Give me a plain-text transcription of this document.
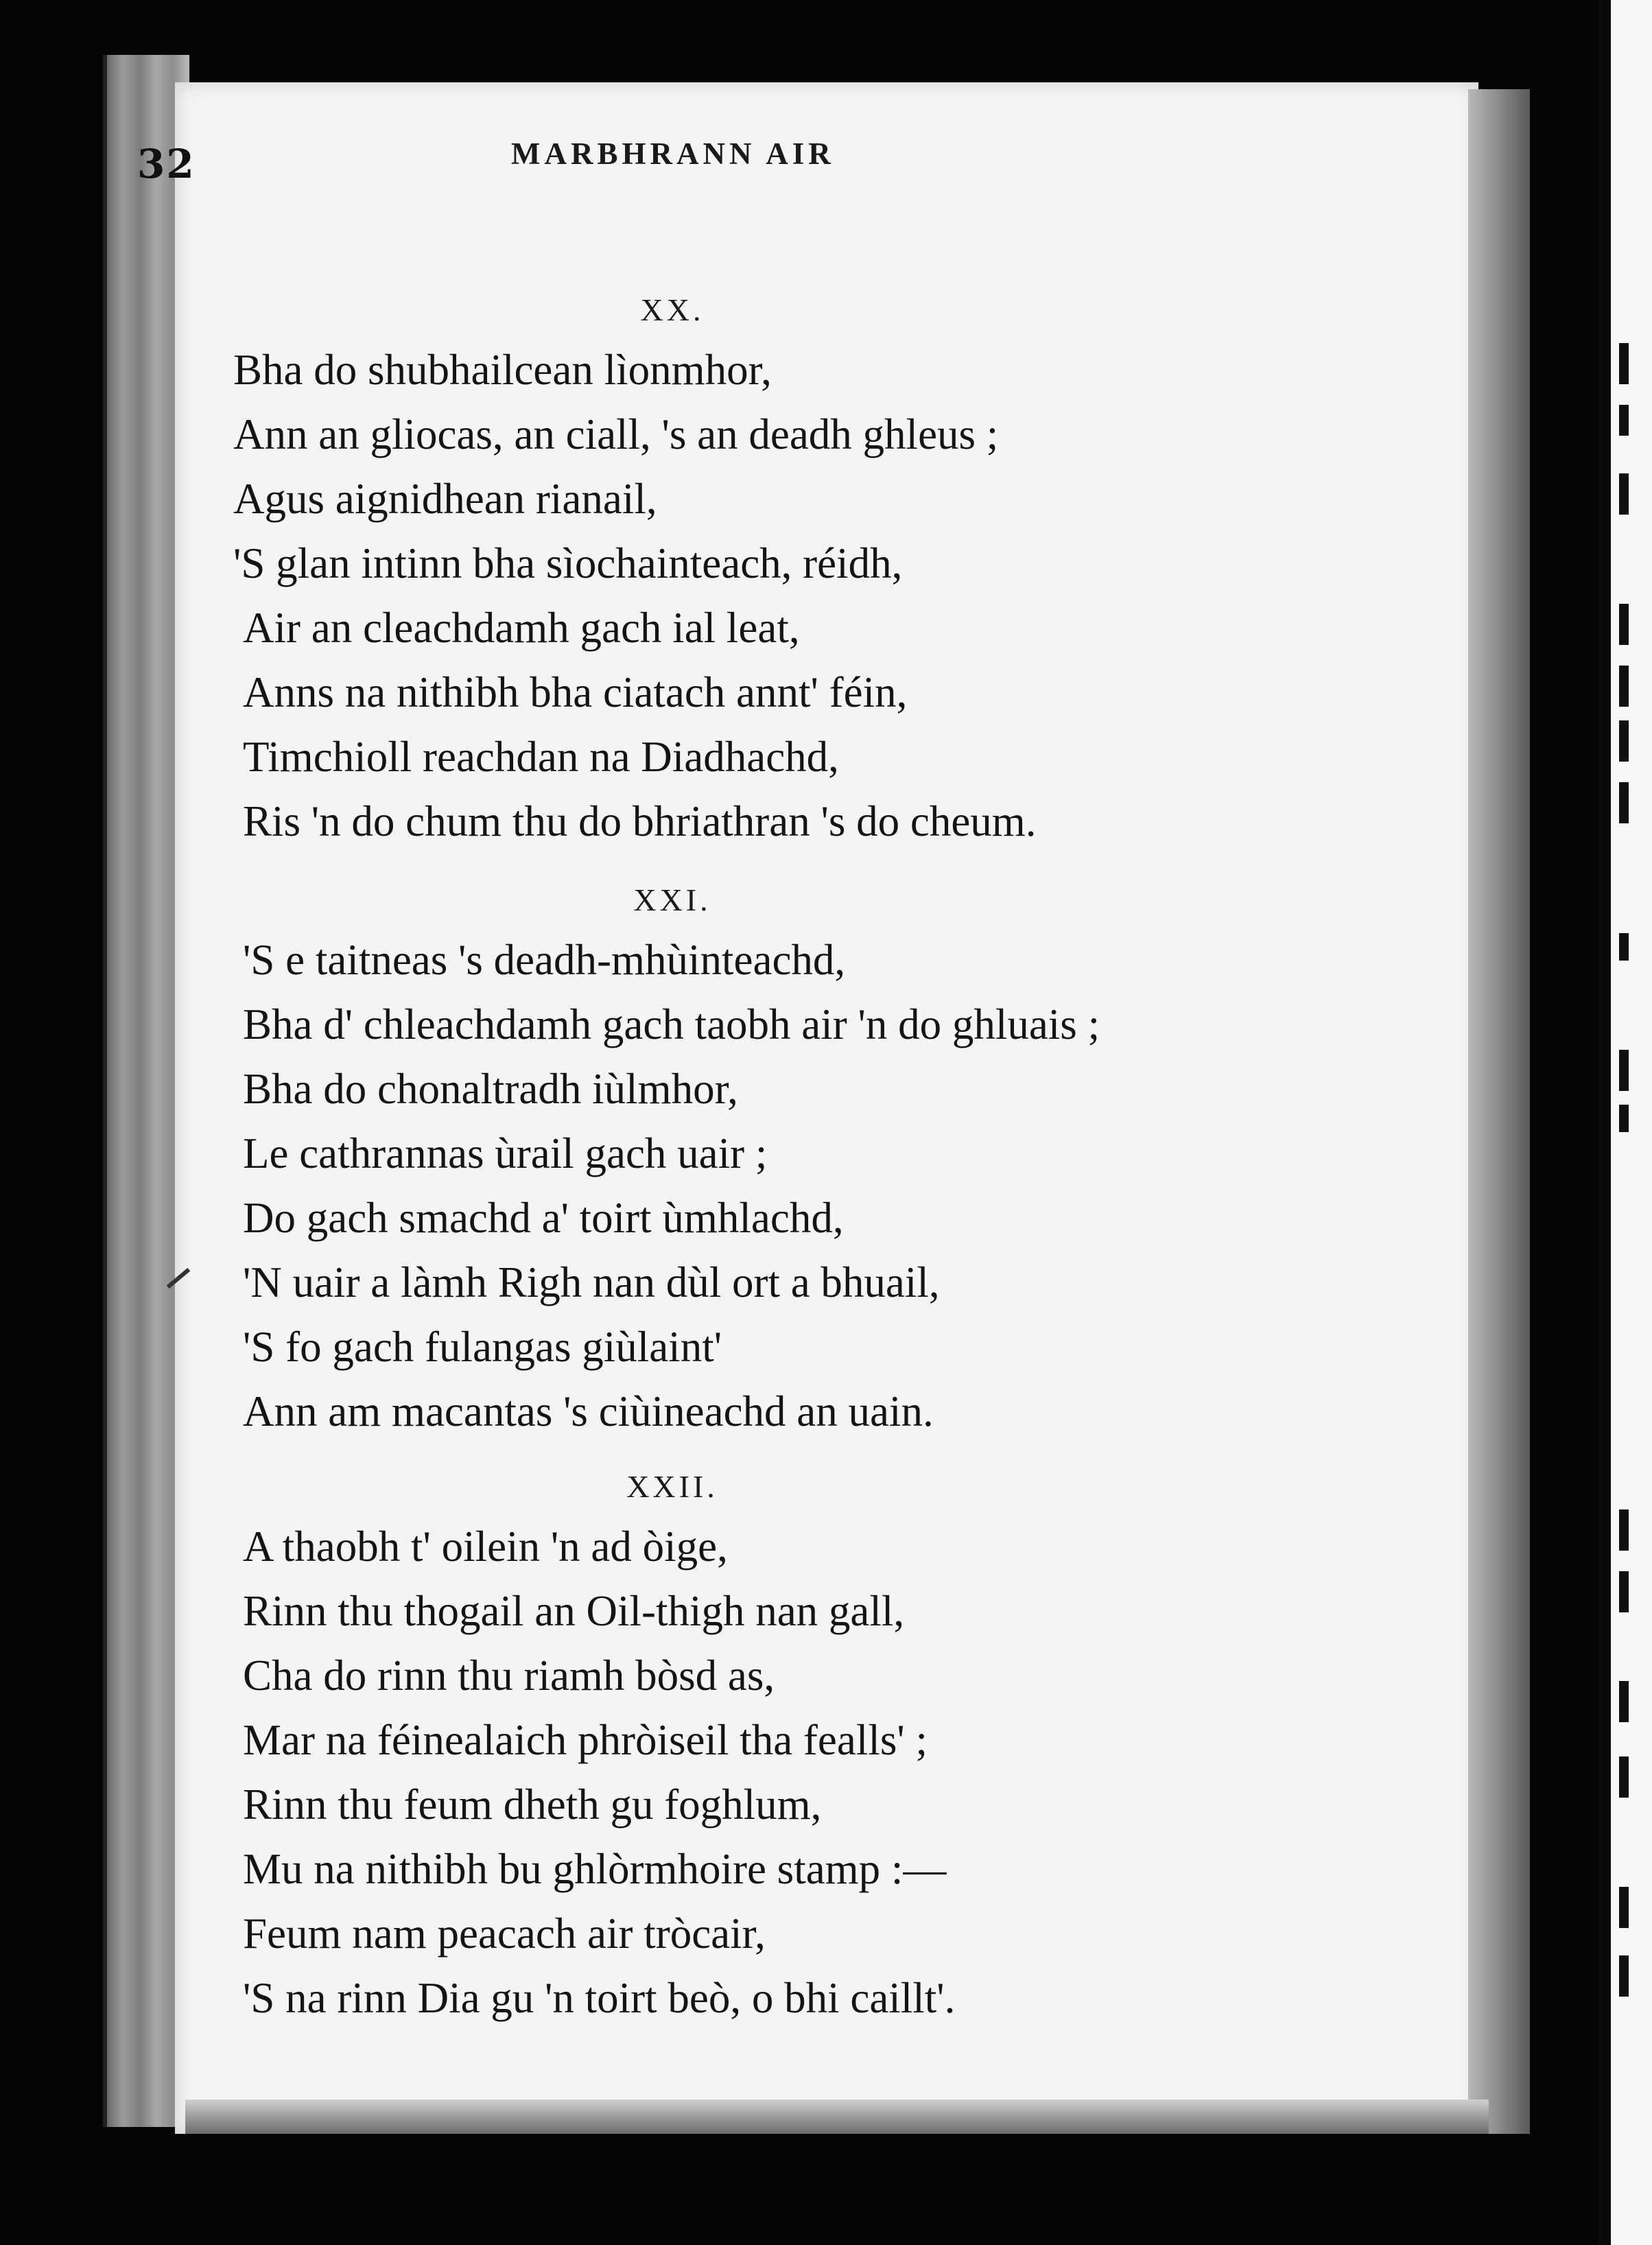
32	MARBHRANN AIR
XX.
Bha do shubhailcean lìonmhor,
Ann an gliocas, an ciall, 's an deadh ghleus ;
Agus aignidhean rianail,
'S glan intinn bha sìochainteach, réidh,
Air an cleachdamh gach ial leat,
Anns na nithibh bha ciatach annt' féin,
Timchioll reachdan na Diadhachd,
Ris 'n do chum thu do bhriathran 's do cheum.
XXI.
'S e taitneas 's deadh-mhùinteachd,
Bha d' chleachdamh gach taobh air 'n do ghluais ;
Bha do chonaltradh iùlmhor,
Le cathrannas ùrail gach uair ;
Do gach smachd a' toirt ùmhlachd,
'N uair a làmh Righ nan dùl ort a bhuail,
'S fo gach fulangas giùlaint'
Ann am macantas 's ciùineachd an uain.
XXII.
A thaobh t' oilein 'n ad òige,
Rinn thu thogail an Oil-thigh nan gall,
Cha do rinn thu riamh bòsd as,
Mar na féinealaich phròiseil tha fealls' ;
Rinn thu feum dheth gu foghlum,
Mu na nithibh bu ghlòrmhoire stamp :—
Feum nam peacach air tròcair,
'S na rinn Dia gu 'n toirt beò, o bhi caillt'.
